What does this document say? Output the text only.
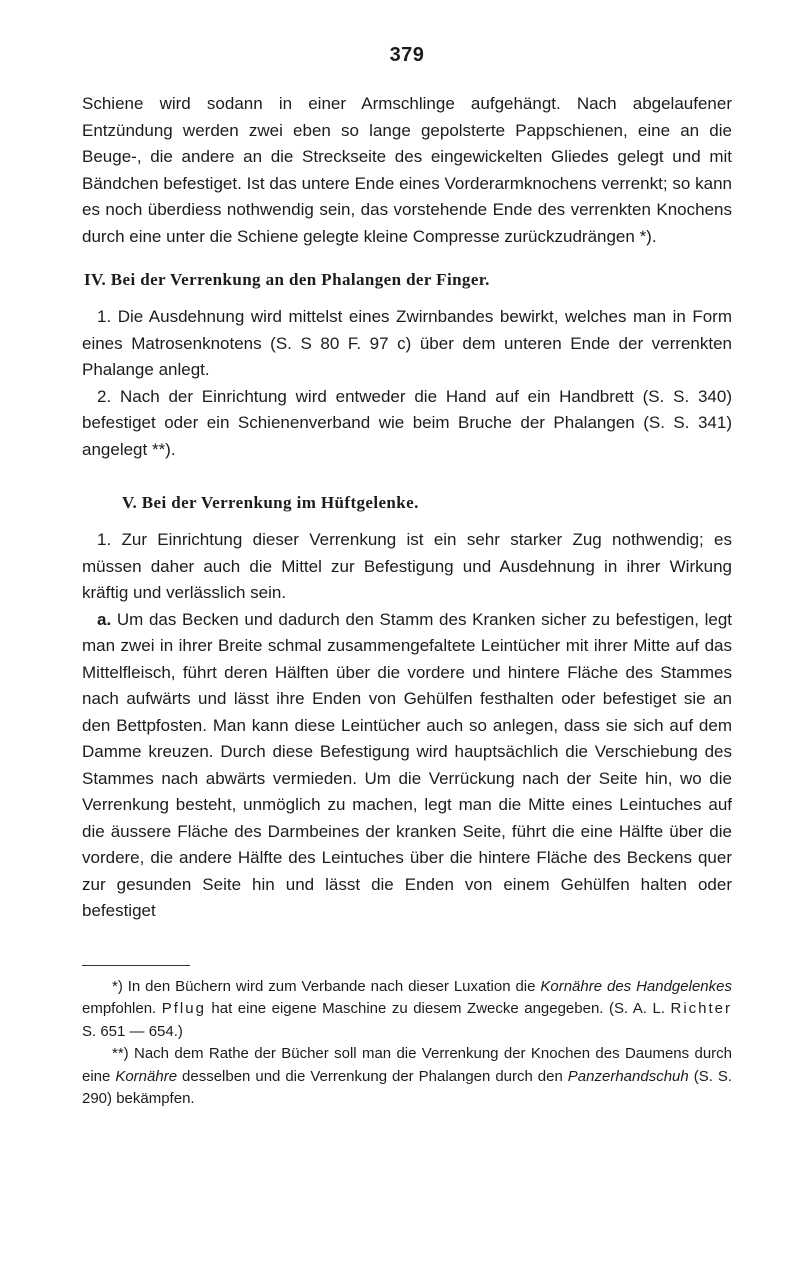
379

Schiene wird sodann in einer Armschlinge aufgehängt. Nach abgelaufener Entzündung werden zwei eben so lange gepolsterte Pappschienen, eine an die Beuge-, die andere an die Streckseite des eingewickelten Gliedes gelegt und mit Bändchen befestiget. Ist das untere Ende eines Vorderarmknochens verrenkt; so kann es noch überdiess nothwendig sein, das vorstehende Ende des verrenkten Knochens durch eine unter die Schiene gelegte kleine Compresse zurückzudrängen *).

IV. Bei der Verrenkung an den Phalangen der Finger.

1. Die Ausdehnung wird mittelst eines Zwirnbandes bewirkt, welches man in Form eines Matrosenknotens (S. S 80 F. 97 c) über dem unteren Ende der verrenkten Phalange anlegt.

2. Nach der Einrichtung wird entweder die Hand auf ein Handbrett (S. S. 340) befestiget oder ein Schienenverband wie beim Bruche der Phalangen (S. S. 341) angelegt **).

V. Bei der Verrenkung im Hüftgelenke.

1. Zur Einrichtung dieser Verrenkung ist ein sehr starker Zug nothwendig; es müssen daher auch die Mittel zur Befestigung und Ausdehnung in ihrer Wirkung kräftig und verlässlich sein.

a. Um das Becken und dadurch den Stamm des Kranken sicher zu befestigen, legt man zwei in ihrer Breite schmal zusammengefaltete Leintücher mit ihrer Mitte auf das Mittelfleisch, führt deren Hälften über die vordere und hintere Fläche des Stammes nach aufwärts und lässt ihre Enden von Gehülfen festhalten oder befestiget sie an den Bettpfosten. Man kann diese Leintücher auch so anlegen, dass sie sich auf dem Damme kreuzen. Durch diese Befestigung wird hauptsächlich die Verschiebung des Stammes nach abwärts vermieden. Um die Verrückung nach der Seite hin, wo die Verrenkung besteht, unmöglich zu machen, legt man die Mitte eines Leintuches auf die äussere Fläche des Darmbeines der kranken Seite, führt die eine Hälfte über die vordere, die andere Hälfte des Leintuches über die hintere Fläche des Beckens quer zur gesunden Seite hin und lässt die Enden von einem Gehülfen halten oder befestiget

*) In den Büchern wird zum Verbande nach dieser Luxation die Kornähre des Handgelenkes empfohlen. Pflug hat eine eigene Maschine zu diesem Zwecke angegeben. (S. A. L. Richter S. 651 — 654.)

**) Nach dem Rathe der Bücher soll man die Verrenkung der Knochen des Daumens durch eine Kornähre desselben und die Verrenkung der Phalangen durch den Panzerhandschuh (S. S. 290) bekämpfen.
